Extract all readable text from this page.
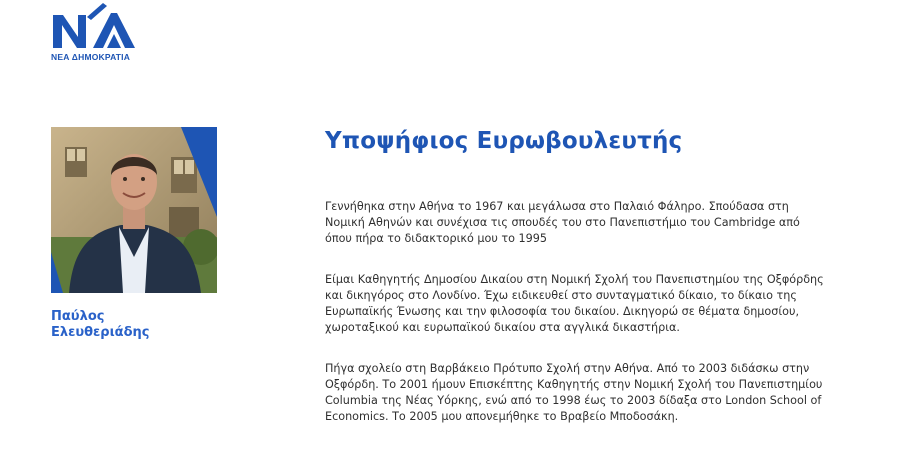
ΝΕΑ ΔΗΜΟΚΡΑΤΙΑ
Παύλος
Ελευθεριάδης
Υποψήφιος Ευρωβουλευτής

Γεννήθηκα στην Αθήνα το 1967 και μεγάλωσα στο Παλαιό Φάληρο. Σπούδασα στη
Νομική Αθηνών και συνέχισα τις σπουδές του στο Πανεπιστήμιο του Cambridge από
όπου πήρα το διδακτορικό μου το 1995

Είμαι Καθηγητής Δημοσίου Δικαίου στη Νομική Σχολή του Πανεπιστημίου της Οξφόρδης
και δικηγόρος στο Λονδίνο. Έχω ειδικευθεί στο συνταγματικό δίκαιο, το δίκαιο της
Ευρωπαϊκής Ένωσης και την φιλοσοφία του δικαίου. Δικηγορώ σε θέματα δημοσίου,
χωροταξικού και ευρωπαϊκού δικαίου στα αγγλικά δικαστήρια.

Πήγα σχολείο στη Βαρβάκειο Πρότυπο Σχολή στην Αθήνα. Από το 2003 διδάσκω στην
Οξφόρδη. Το 2001 ήμουν Επισκέπτης Καθηγητής στην Νομική Σχολή του Πανεπιστημίου
Columbia της Νέας Υόρκης, ενώ από το 1998 έως το 2003 δίδαξα στο London School of
Economics. Το 2005 μου απονεμήθηκε το Βραβείο Μποδοσάκη.
